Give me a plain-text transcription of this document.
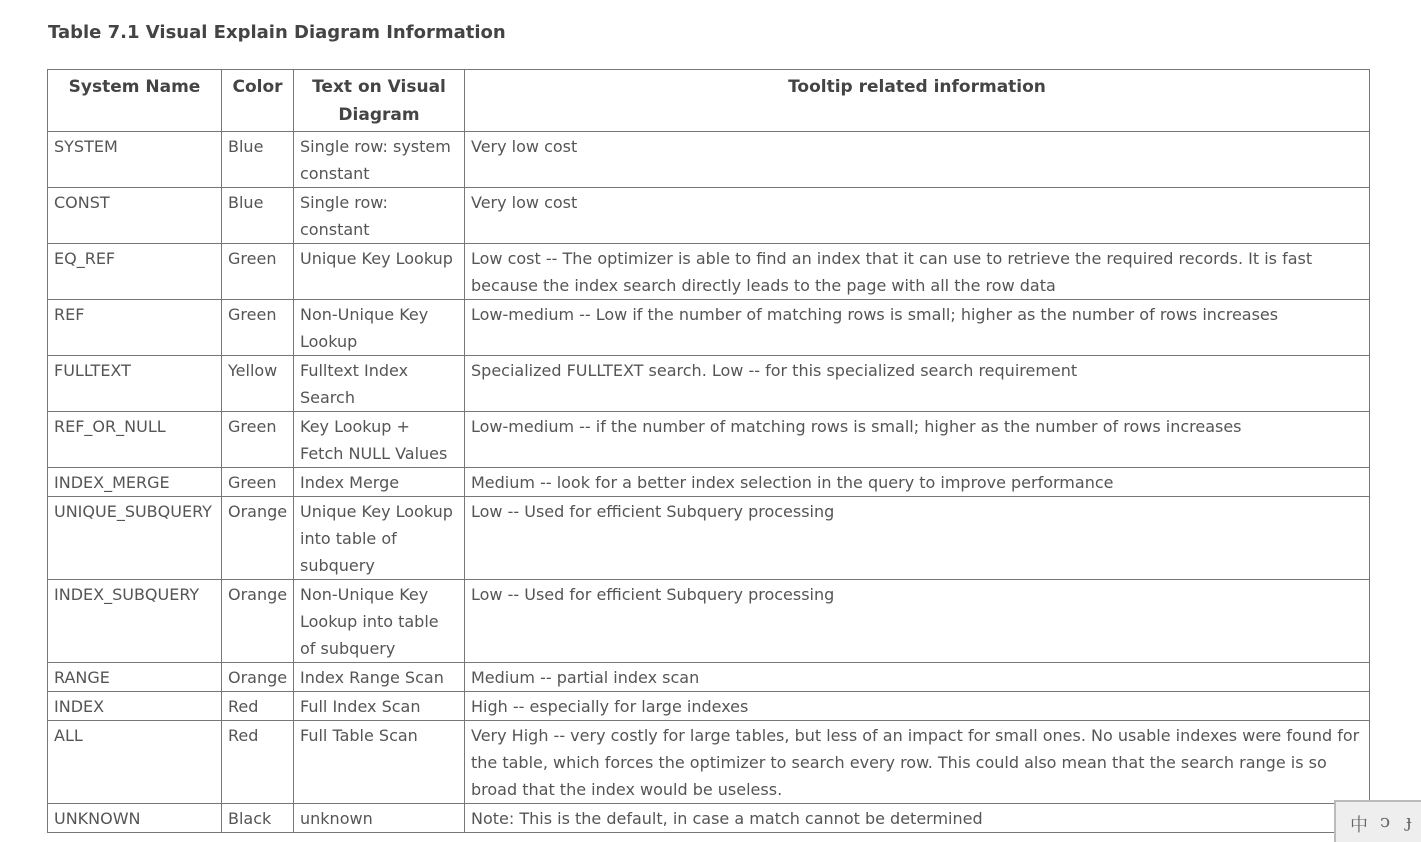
Table 7.1 Visual Explain Diagram Information
System Name	Color	Text on Visual Diagram	Tooltip related information
SYSTEM	Blue	Single row: system constant	Very low cost
CONST	Blue	Single row: constant	Very low cost
EQ_REF	Green	Unique Key Lookup	Low cost -- The optimizer is able to find an index that it can use to retrieve the required records. It is fast because the index search directly leads to the page with all the row data
REF	Green	Non-Unique Key Lookup	Low-medium -- Low if the number of matching rows is small; higher as the number of rows increases
FULLTEXT	Yellow	Fulltext Index Search	Specialized FULLTEXT search. Low -- for this specialized search requirement
REF_OR_NULL	Green	Key Lookup + Fetch NULL Values	Low-medium -- if the number of matching rows is small; higher as the number of rows increases
INDEX_MERGE	Green	Index Merge	Medium -- look for a better index selection in the query to improve performance
UNIQUE_SUBQUERY	Orange	Unique Key Lookup into table of subquery	Low -- Used for efficient Subquery processing
INDEX_SUBQUERY	Orange	Non-Unique Key Lookup into table of subquery	Low -- Used for efficient Subquery processing
RANGE	Orange	Index Range Scan	Medium -- partial index scan
INDEX	Red	Full Index Scan	High -- especially for large indexes
ALL	Red	Full Table Scan	Very High -- very costly for large tables, but less of an impact for small ones. No usable indexes were found for the table, which forces the optimizer to search every row. This could also mean that the search range is so broad that the index would be useless.
UNKNOWN	Black	unknown	Note: This is the default, in case a match cannot be determined	中 ↄ ɟ
